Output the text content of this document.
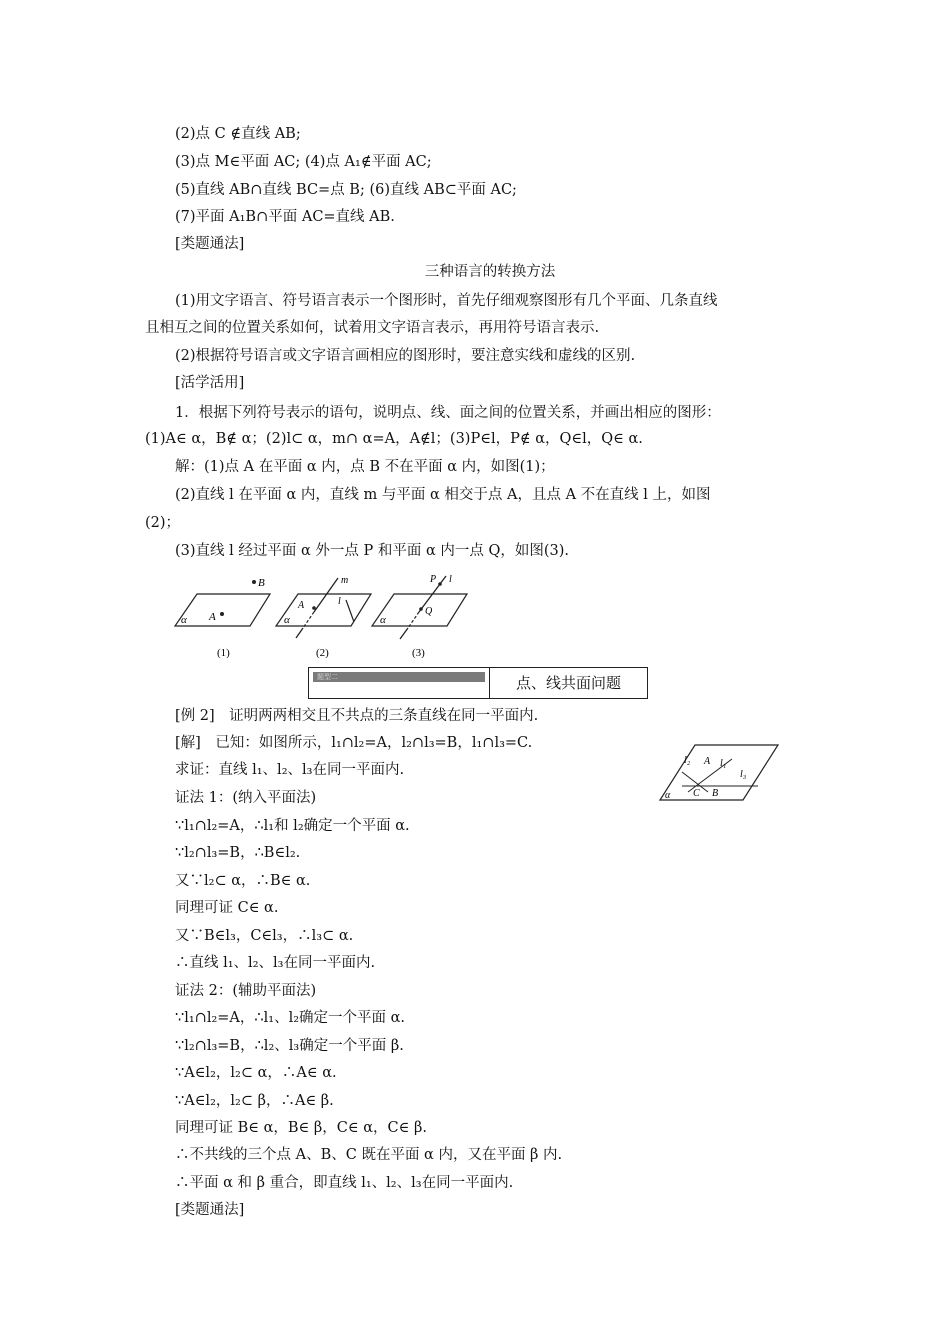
(2)点 C ∉直线 AB;
(3)点 M∈平面 AC; (4)点 A₁∉平面 AC;
(5)直线 AB∩直线 BC=点 B; (6)直线 AB⊂平面 AC;
(7)平面 A₁B∩平面 AC=直线 AB.
[类题通法]
三种语言的转换方法
(1)用文字语言、符号语言表示一个图形时，首先仔细观察图形有几个平面、几条直线
且相互之间的位置关系如何，试着用文字语言表示，再用符号语言表示.
(2)根据符号语言或文字语言画相应的图形时，要注意实线和虚线的区别.
[活学活用]
1．根据下列符号表示的语句，说明点、线、面之间的位置关系，并画出相应的图形：
(1)A∈ α，B∉ α；(2)l⊂ α，m∩ α=A，A∉l；(3)P∈l，P∉ α，Q∈l，Q∈ α.
解：(1)点 A 在平面 α 内，点 B 不在平面 α 内，如图(1)；
(2)直线 l 在平面 α 内，直线 m 与平面 α 相交于点 A，且点 A 不在直线 l 上，如图
(2)；
(3)直线 l 经过平面 α 外一点 P 和平面 α 内一点 Q，如图(3).
B
A
α
(1)
m
A	l
α
(2)
P l
Q
α
(3)
题型二	点、线共面问题
[例 2]　证明两两相交且不共点的三条直线在同一平面内.
[解]　已知：如图所示，l₁∩l₂=A，l₂∩l₃=B，l₁∩l₃=C.
l₂ A l₁
l₃
C B
α
求证：直线 l₁、l₂、l₃在同一平面内.
证法 1：(纳入平面法)
∵l₁∩l₂=A，∴l₁和 l₂确定一个平面 α.
∵l₂∩l₃=B，∴B∈l₂.
又∵l₂⊂ α，∴B∈ α.
同理可证 C∈ α.
又∵B∈l₃，C∈l₃，∴l₃⊂ α.
∴直线 l₁、l₂、l₃在同一平面内.
证法 2：(辅助平面法)
∵l₁∩l₂=A，∴l₁、l₂确定一个平面 α.
∵l₂∩l₃=B，∴l₂、l₃确定一个平面 β.
∵A∈l₂，l₂⊂ α，∴A∈ α.
∵A∈l₂，l₂⊂ β，∴A∈ β.
同理可证 B∈ α，B∈ β，C∈ α，C∈ β.
∴不共线的三个点 A、B、C 既在平面 α 内，又在平面 β 内.
∴平面 α 和 β 重合，即直线 l₁、l₂、l₃在同一平面内.
[类题通法]
